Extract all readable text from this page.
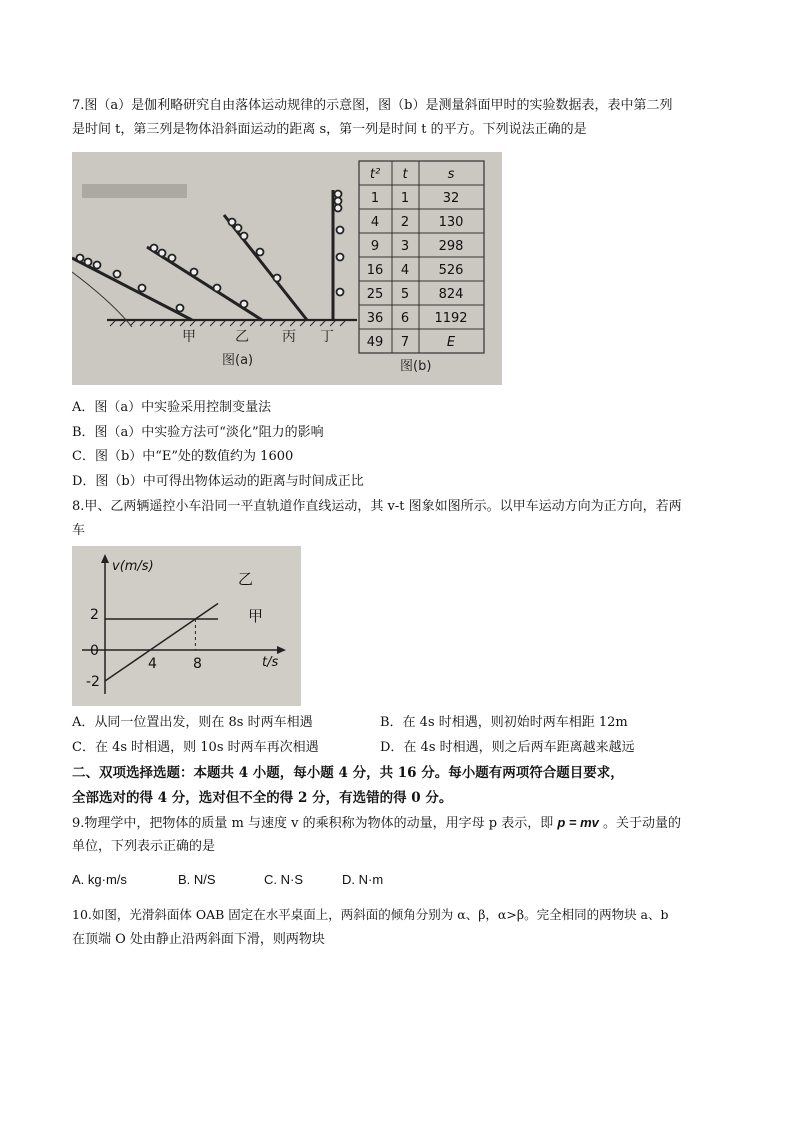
7.图（a）是伽利略研究自由落体运动规律的示意图，图（b）是测量斜面甲时的实验数据表，表中第二列
是时间 t，第三列是物体沿斜面运动的距离 s，第一列是时间 t 的平方。下列说法正确的是
甲	乙 丙 丁
图(a)
t² t	s
1 1	32
4 2 130
9 3 298
16 4 526
25 5 824
36 6 1192
49 7	E
图(b)
A．图（a）中实验采用控制变量法
B．图（a）中实验方法可“淡化”阻力的影响
C．图（b）中“E”处的数值约为 1600
D．图（b）中可得出物体运动的距离与时间成正比
8.甲、乙两辆遥控小车沿同一平直轨道作直线运动，其 v-t 图象如图所示。以甲车运动方向为正方向，若两
车
v(m/s)
t/s
乙
甲
2
0
-2
4	8
A．从同一位置出发，则在 8s 时两车相遇	B．在 4s 时相遇，则初始时两车相距 12m
C．在 4s 时相遇，则 10s 时两车再次相遇	D．在 4s 时相遇，则之后两车距离越来越远
二、双项选择选题：本题共 4 小题，每小题 4 分，共 16 分。每小题有两项符合题目要求，
全部选对的得 4 分，选对但不全的得 2 分，有选错的得 0 分。
9.物理学中，把物体的质量 m 与速度 v 的乘积称为物体的动量，用字母 p 表示，即 p = mv 。关于动量的
单位，下列表示正确的是
A. kg·m/s	B. N/S	C. N·S	D. N·m
10.如图，光滑斜面体 OAB 固定在水平桌面上，两斜面的倾角分别为 α、β，α>β。完全相同的两物块 a、b
在顶端 O 处由静止沿两斜面下滑，则两物块
